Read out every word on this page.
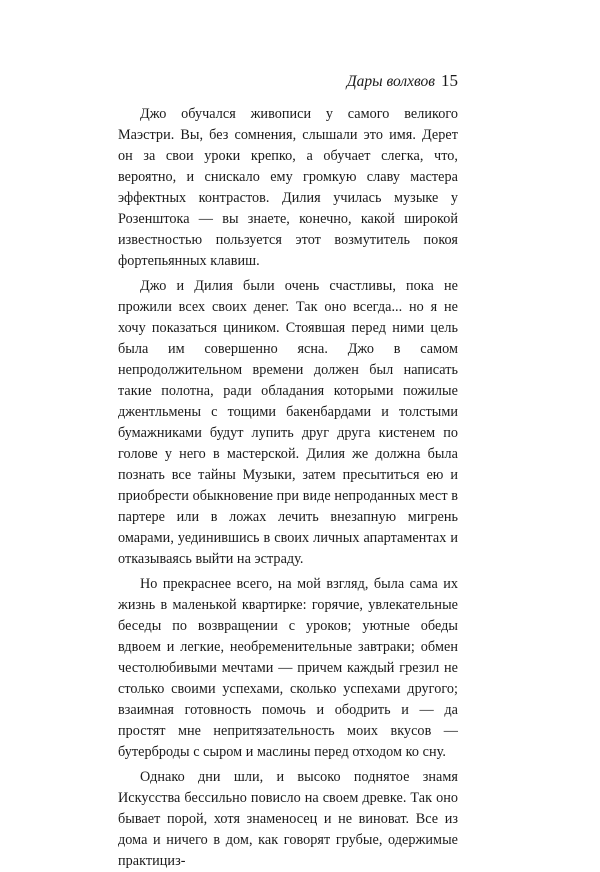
Дары волхвов 15

Джо обучался живописи у самого великого Маэстри. Вы, без сомнения, слышали это имя. Дерет он за свои уроки крепко, а обучает слегка, что, вероятно, и снискало ему громкую славу мастера эффектных контрастов. Дилия училась музыке у Розенштока — вы знаете, конечно, какой широкой известностью пользуется этот возмутитель покоя фортепьянных клавиш.

Джо и Дилия были очень счастливы, пока не прожили всех своих денег. Так оно всегда... но я не хочу показаться циником. Стоявшая перед ними цель была им совершенно ясна. Джо в самом непродолжительном времени должен был написать такие полотна, ради обладания которыми пожилые джентльмены с тощими бакенбардами и толстыми бумажниками будут лупить друг друга кистенем по голове у него в мастерской. Дилия же должна была познать все тайны Музыки, затем пресытиться ею и приобрести обыкновение при виде непроданных мест в партере или в ложах лечить внезапную мигрень омарами, уединившись в своих личных апартаментах и отказываясь выйти на эстраду.

Но прекраснее всего, на мой взгляд, была сама их жизнь в маленькой квартирке: горячие, увлекательные беседы по возвращении с уроков; уютные обеды вдвоем и легкие, необременительные завтраки; обмен честолюбивыми мечтами — причем каждый грезил не столько своими успехами, сколько успехами другого; взаимная готовность помочь и ободрить и — да простят мне непритязательность моих вкусов — бутерброды с сыром и маслины перед отходом ко сну.

Однако дни шли, и высоко поднятое знамя Искусства бессильно повисло на своем древке. Так оно бывает порой, хотя знаменосец и не виноват. Все из дома и ничего в дом, как говорят грубые, одержимые практициз-
